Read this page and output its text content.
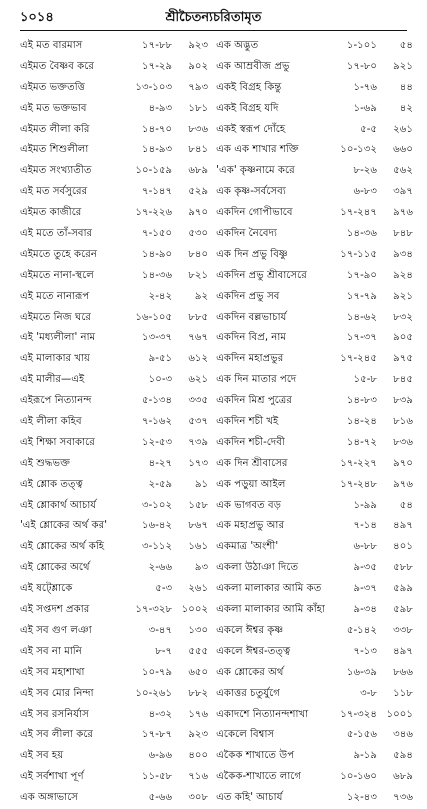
১০১৪	শ্রীচৈতন্যচরিতামৃত
এই মত বারমাস	১৭-৮৮	৯২৩
এইমত বৈষ্ণব করে	১৭-২৯	৯০২
এইমত ভক্ততত্তি	১৩-১০৩	৭৯৩
এই মত ভক্তভাব	৪-৯৩	১৮১
এইমত লীলা করি	১৪-৭০	৮৩৬
এইমত শিশুলীলা	১৪-৯৩	৮৪১
এইমত সংখ্যাতীত	১০-১৫৯	৬৮৯
এই মত সর্বসুরের	৭-১৪৭	৫২৯
এইমত কাজীরে	১৭-২২৬	৯৭০
এই মতে তাঁ-সবার	৭-১৫০	৫৩০
এইমতে তুহে করেন	১৪-৯০	৮৪০
এইমতে নানা-স্থলে	১৪-৩৬	৮২১
এই মতে নানারূপ	২-৪২	৯২
এইমতে নিজ ঘরে	১৬-১০৫	৮৮৫
এই 'মধ্যলীলা' নাম	১৩-৩৭	৭৬৭
এই মালাকার খায়	৯-৫১	৬১২
এই মালীর—এই	১০-৩	৬২১
এইরূপে নিত্যানন্দ	৫-১৩৪	৩৩৫
এই লীলা কহিব	৭-১৬২	৫৩৭
এই শিক্ষা সবাকারে	১২-৫৩	৭৩৯
এই শুদ্ধভক্ত	৪-২৭	১৭৩
এই শ্লোক তত্ত্ব	২-৫৯	৯১
এই শ্লোকার্থ আচার্য	৩-১০২	১৫৮
'এই শ্লোকের অর্থ কর'	১৬-৪২	৮৬৭
এই শ্লোকের অর্থ কহি	৩-১১২	১৬১
এই শ্লোকের অর্থে	২-৬৬	৯৩
এই ষট্শ্লোকে	৫-৩	২৬১
এই সপ্তদশ প্রকার	১৭-৩২৮ ১০০২
এই সব গুণ লঞা	৩-৪৭	১৩০
এই সব না মানি	৮-৭	৫৫৫
এই সব মহাশাখা	১০-৭৯	৬৫০
এই সব মোর নিন্দা	১০-২৬১	৮৮২
এই সব রসনির্যাস	৪-৩২	১৭৬
এই সব লীলা করে	১৭-৮৭	৯২৩
এই সব হয়	৬-৯৬	৪০০
এই সর্বশাখা পূর্ণ	১১-৫৮	৭১৬
এক অঙ্গাভাসে	৫-৬৬	৩০৮
এক অদ্ভুত	১-১০১	৫৪
এক আম্রবীজ প্রভু	১৭-৮০	৯২১
একই বিগ্রহ কিন্তু	১-৭৬	৪৪
একই বিগ্রহ যদি	১-৬৯	৪২
একই স্বরূপ দোঁহে	৫-৫	২৬১
এক এক শাখার শক্তি	১০-১৩২	৬৬০
'এক' কৃষ্ণনামে করে	৮-২৬	৫৬২
এক কৃষ্ণ-সর্বসেব্য	৬-৮৩	৩৯৭
একদিন গোপীভাবে	১৭-২৪৭	৯৭৬
একদিন নৈবেদ্য	১৪-৩৬	৮৪৮
এক দিন প্রভু বিষ্ণু	১৭-১১৫	৯৩৪
একদিন প্রভু শ্রীবাসেরে	১৭-৯০	৯২৪
একদিন প্রভু সব	১৭-৭৯	৯২১
একদিন বল্লভাচার্য	১৪-৬২	৮৩২
একদিন বিপ্র, নাম	১৭-৩৭	৯০৫
একদিন মহাপ্রভুর	১৭-২৪৫	৯৭৫
এক দিন মাতার পদে	১৫-৮	৮৪৫
একদিন মিশ্র পুত্রের	১৪-৮৩	৮৩৯
একদিন শচী খই	১৪-২৪	৮১৬
একদিন শচী-দেবী	১৪-৭২	৮৩৬
এক দিন শ্রীবাসের	১৭-২২৭	৯৭০
এক পড়ুয়া আইল	১৭-২৪৮	৯৭৬
এক ভাগবত বড়	১-৯৯	৫৪
এক মহাপ্রভু আর	৭-১৪	৪৯৭
একমাত্র 'অংশী'	৬-৮৮	৪০১
একলা উঠাঞা দিতে	৯-৩৫	৫৮৮
একলা মালাকার আমি কত	৯-৩৭	৫৯৯
একলা মালাকার আমি কাঁহা	৯-৩৪	৫৯৮
একলে ঈশ্বর কৃষ্ণ	৫-১৪২	৩৩৮
একলে ঈশ্বর-তত্ত্ব	৭-১৩	৪৯৭
এক শ্লোকের অর্থ	১৬-৩৯	৮৬৬
একাত্তর চতুর্যুগে	৩-৮	১১৮
একাদশে নিত্যানন্দশাখা	১৭-৩২৪ ১০০১
একেলে বিশ্বাস	৫-১৫৬	৩৪৬
একৈক শাখাতে উপ	৯-১৯	৫৯৪
একৈক-শাখাতে লাগে	১০-১৬০	৬৮৯
এত কহি' আচার্য	১২-৪৩	৭৩৬
